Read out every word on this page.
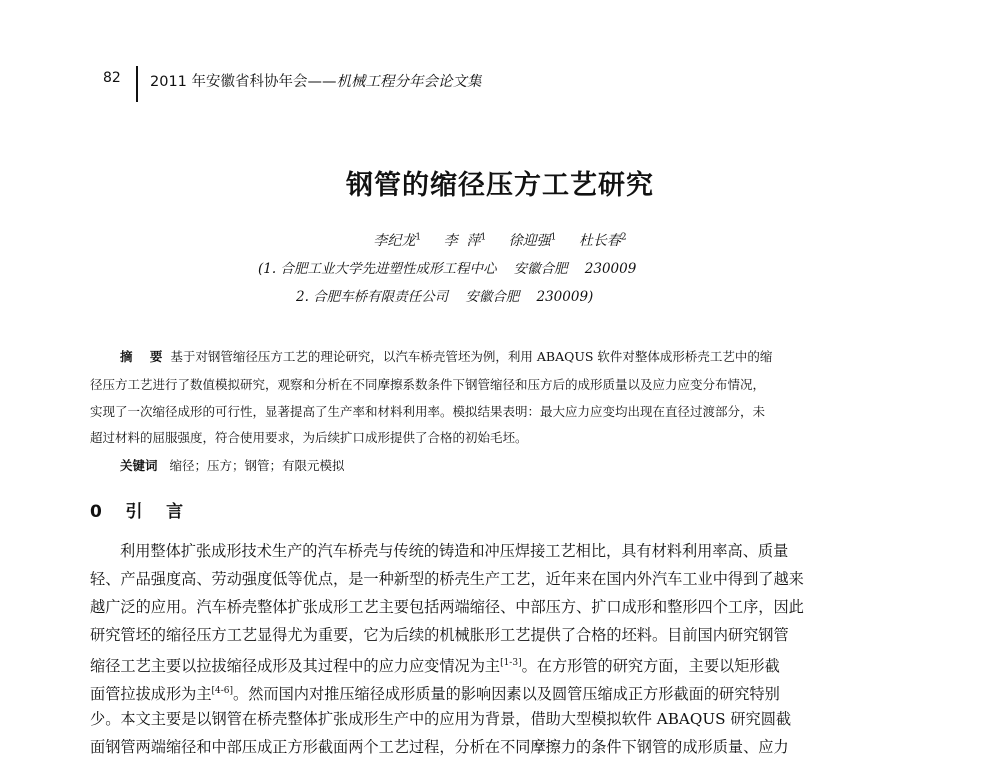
82 2011 年安徽省科协年会——机械工程分年会论文集
钢管的缩径压方工艺研究
李纪龙$^1$ 李  萍$^1$ 徐迎强$^1$ 杜长春$^2$
(1. 合肥工业大学先进塑性成形工程中心    安徽合肥    230009
2. 合肥车桥有限责任公司    安徽合肥    230009)
摘    要 基于对钢管缩径压方工艺的理论研究，以汽车桥壳管坯为例，利用 ABAQUS 软件对整体成形桥壳工艺中的缩
径压方工艺进行了数值模拟研究，观察和分析在不同摩擦系数条件下钢管缩径和压方后的成形质量以及应力应变分布情况，
实现了一次缩径成形的可行性，显著提高了生产率和材料利用率。模拟结果表明：最大应力应变均出现在直径过渡部分，未
超过材料的屈服强度，符合使用要求，为后续扩口成形提供了合格的初始毛坯。
关键词 缩径；压方；钢管；有限元模拟
0    引    言
利用整体扩张成形技术生产的汽车桥壳与传统的铸造和冲压焊接工艺相比，具有材料利用率高、质量
轻、产品强度高、劳动强度低等优点，是一种新型的桥壳生产工艺，近年来在国内外汽车工业中得到了越来
越广泛的应用。汽车桥壳整体扩张成形工艺主要包括两端缩径、中部压方、扩口成形和整形四个工序，因此
研究管坯的缩径压方工艺显得尤为重要，它为后续的机械胀形工艺提供了合格的坯料。目前国内研究钢管
缩径工艺主要以拉拔缩径成形及其过程中的应力应变情况为主[1-3]。在方形管的研究方面，主要以矩形截
面管拉拔成形为主[4-6]。然而国内对推压缩径成形质量的影响因素以及圆管压缩成正方形截面的研究特别
少。本文主要是以钢管在桥壳整体扩张成形生产中的应用为背景，借助大型模拟软件 ABAQUS 研究圆截
面钢管两端缩径和中部压成正方形截面两个工艺过程，分析在不同摩擦力的条件下钢管的成形质量、应力
